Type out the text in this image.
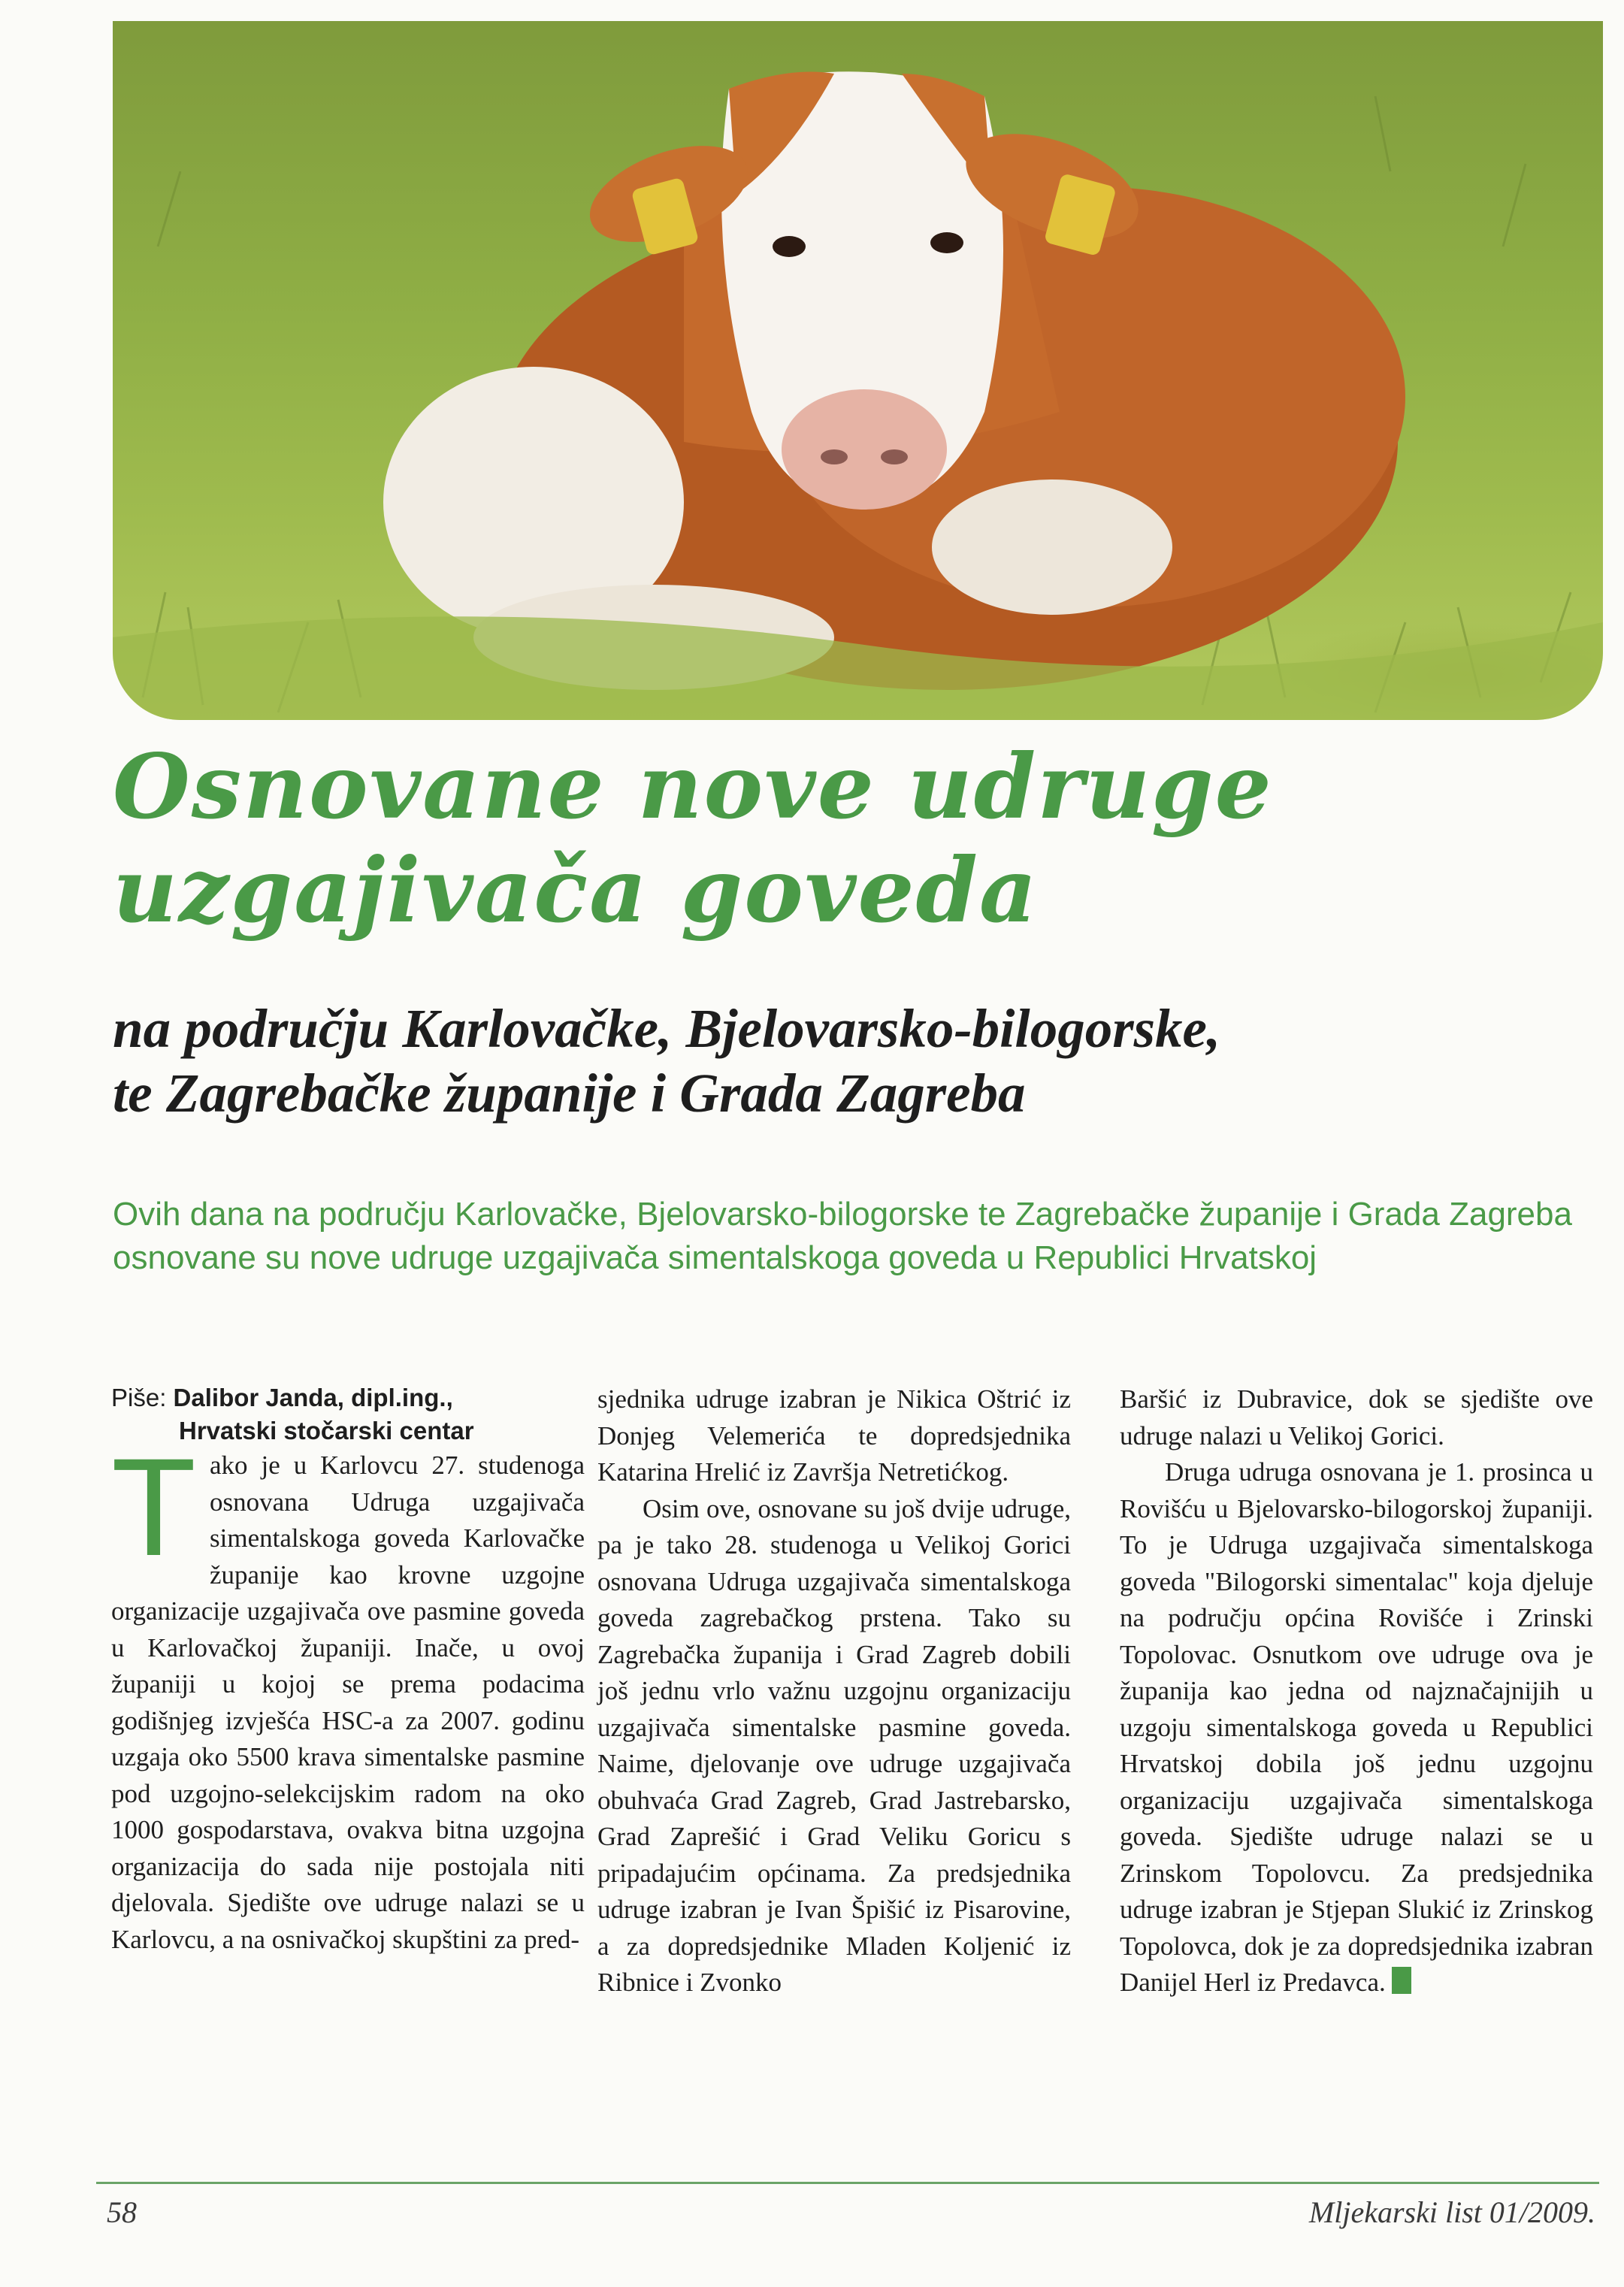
Osnovane nove udruge
uzgajivača goveda
na području Karlovačke, Bjelovarsko-bilogorske,
te Zagrebačke županije i Grada Zagreba

Ovih dana na području Karlovačke, Bjelovarsko-bilogorske te Zagrebačke županije i Grada Zagreba osnovane su nove udruge uzgajivača simentalskoga goveda u Republici Hrvatskoj

Piše: Dalibor Janda, dipl.ing.,
Hrvatski stočarski centar

Tako je u Karlovcu 27. studenoga osnovana Udruga uzgajivača simentalskoga goveda Karlovačke županije kao krovne uzgojne organizacije uzgajivača ove pasmine goveda u Karlovačkoj županiji. Inače, u ovoj županiji u kojoj se prema podacima godišnjeg izvješća HSC-a za 2007. godinu uzgaja oko 5500 krava simentalske pasmine pod uzgojno-selekcijskim radom na oko 1000 gospodarstava, ovakva bitna uzgojna organizacija do sada nije postojala niti djelovala. Sjedište ove udruge nalazi se u Karlovcu, a na osnivačkoj skupštini za pred-

sjednika udruge izabran je Nikica Oštrić iz Donjeg Velemerića te dopredsjednika Katarina Hrelić iz Završja Netretićkog.

Osim ove, osnovane su još dvije udruge, pa je tako 28. studenoga u Velikoj Gorici osnovana Udruga uzgajivača simentalskoga goveda zagrebačkog prstena. Tako su Zagrebačka županija i Grad Zagreb dobili još jednu vrlo važnu uzgojnu organizaciju uzgajivača simentalske pasmine goveda. Naime, djelovanje ove udruge uzgajivača obuhvaća Grad Zagreb, Grad Jastrebarsko, Grad Zaprešić i Grad Veliku Goricu s pripadajućim općinama. Za predsjednika udruge izabran je Ivan Špišić iz Pisarovine, a za dopredsjednike Mladen Koljenić iz Ribnice i Zvonko

Baršić iz Dubravice, dok se sjedište ove udruge nalazi u Velikoj Gorici.

Druga udruga osnovana je 1. prosinca u Rovišću u Bjelovarsko-bilogorskoj županiji. To je Udruga uzgajivača simentalskoga goveda "Bilogorski simentalac" koja djeluje na području općina Rovišće i Zrinski Topolovac. Osnutkom ove udruge ova je županija kao jedna od najznačajnijih u uzgoju simentalskoga goveda u Republici Hrvatskoj dobila još jednu uzgojnu organizaciju uzgajivača simentalskoga goveda. Sjedište udruge nalazi se u Zrinskom Topolovcu. Za predsjednika udruge izabran je Stjepan Slukić iz Zrinskog Topolovca, dok je za dopredsjednika izabran Danijel Herl iz Predavca.

58	Mljekarski list 01/2009.
